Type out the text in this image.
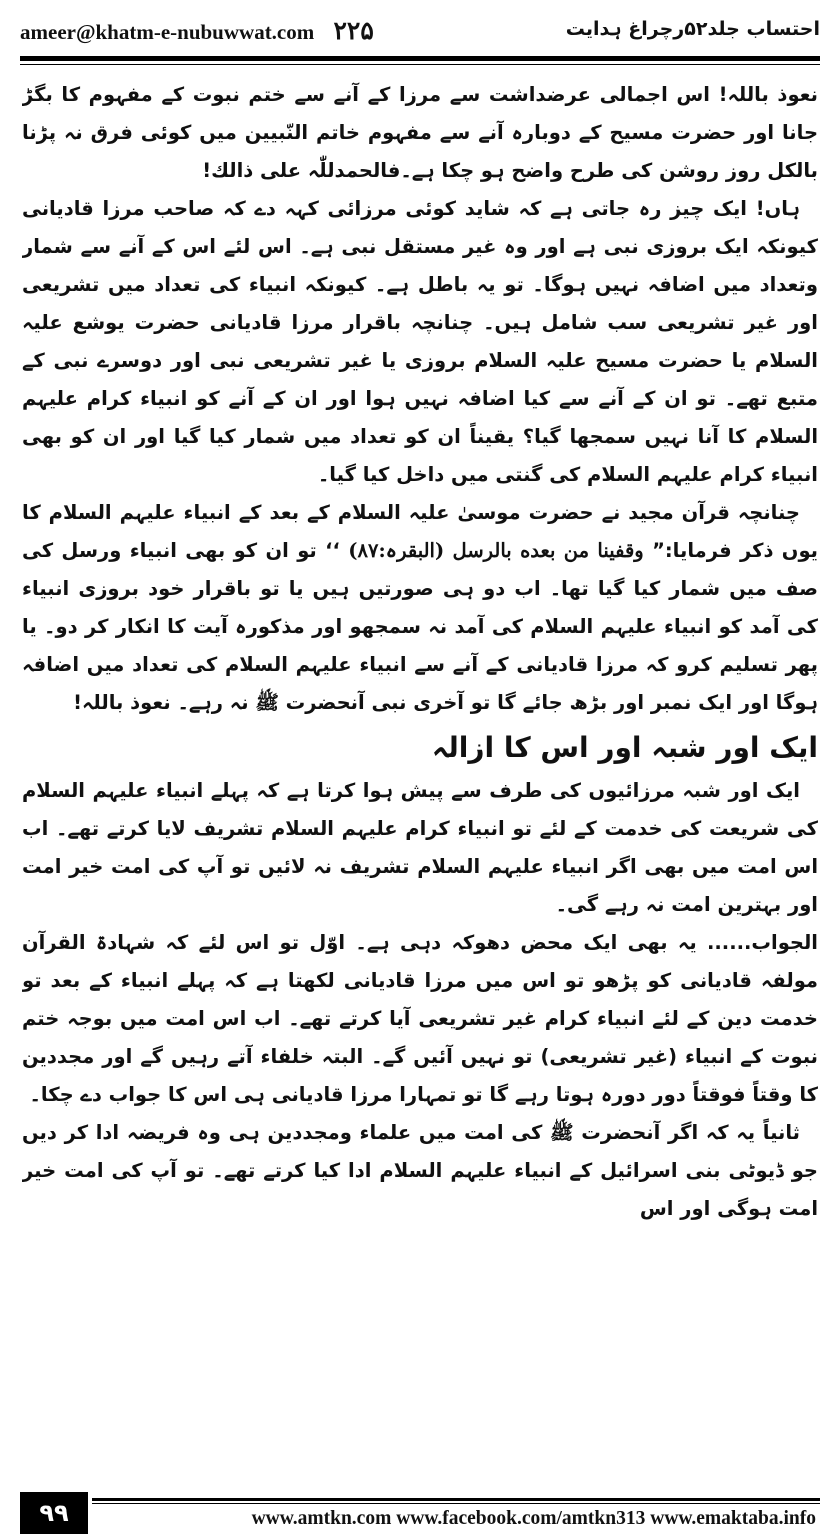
ameer@khatm-e-nubuwwat.com ۲۲۵	احتساب جلد۵۲رچراغ ہدایت

نعوذ باللہ! اس اجمالی عرضداشت سے مرزا کے آنے سے ختم نبوت کے مفہوم کا بگڑ جانا اور حضرت مسیح کے دوبارہ آنے سے مفہوم خاتم النّبیین میں کوئی فرق نہ پڑنا بالکل روز روشن کی طرح واضح ہو چکا ہے۔فالحمدللّٰہ علی ذالك!

ہاں! ایک چیز رہ جاتی ہے کہ شاید کوئی مرزائی کہہ دے کہ صاحب مرزا قادیانی کیونکہ ایک بروزی نبی ہے اور وہ غیر مستقل نبی ہے۔ اس لئے اس کے آنے سے شمار وتعداد میں اضافہ نہیں ہوگا۔ تو یہ باطل ہے۔ کیونکہ انبیاء کی تعداد میں تشریعی اور غیر تشریعی سب شامل ہیں۔ چنانچہ باقرار مرزا قادیانی حضرت یوشع علیہ السلام یا حضرت مسیح علیہ السلام بروزی یا غیر تشریعی نبی اور دوسرے نبی کے متبع تھے۔ تو ان کے آنے سے کیا اضافہ نہیں ہوا اور ان کے آنے کو انبیاء کرام علیہم السلام کا آنا نہیں سمجھا گیا؟ یقیناً ان کو تعداد میں شمار کیا گیا اور ان کو بھی انبیاء کرام علیہم السلام کی گنتی میں داخل کیا گیا۔

چنانچہ قرآن مجید نے حضرت موسیٰ علیہ السلام کے بعد کے انبیاء علیہم السلام کا یوں ذکر فرمایا:” وقفینا من بعده بالرسل (البقرہ:۸۷) ‘‘ تو ان کو بھی انبیاء ورسل کی صف میں شمار کیا گیا تھا۔ اب دو ہی صورتیں ہیں یا تو باقرار خود بروزی انبیاء کی آمد کو انبیاء علیہم السلام کی آمد نہ سمجھو اور مذکورہ آیت کا انکار کر دو۔ یا پھر تسلیم کرو کہ مرزا قادیانی کے آنے سے انبیاء علیہم السلام کی تعداد میں اضافہ ہوگا اور ایک نمبر اور بڑھ جائے گا تو آخری نبی آنحضرت ﷺ نہ رہے۔ نعوذ باللہ!

ایک اور شبہ اور اس کا ازالہ

ایک اور شبہ مرزائیوں کی طرف سے پیش ہوا کرتا ہے کہ پہلے انبیاء علیہم السلام کی شریعت کی خدمت کے لئے تو انبیاء کرام علیہم السلام تشریف لایا کرتے تھے۔ اب اس امت میں بھی اگر انبیاء علیہم السلام تشریف نہ لائیں تو آپ کی امت خیر امت اور بہترین امت نہ رہے گی۔

الجواب...... یہ بھی ایک محض دھوکہ دہی ہے۔ اوّل تو اس لئے کہ شہادۃ القرآن مولفہ قادیانی کو پڑھو تو اس میں مرزا قادیانی لکھتا ہے کہ پہلے انبیاء کے بعد تو خدمت دین کے لئے انبیاء کرام غیر تشریعی آیا کرتے تھے۔ اب اس امت میں بوجہ ختم نبوت کے انبیاء (غیر تشریعی) تو نہیں آئیں گے۔ البتہ خلفاء آتے رہیں گے اور مجددین کا وقتاً فوقتاً دور دورہ ہوتا رہے گا تو تمہارا مرزا قادیانی ہی اس کا جواب دے چکا۔

ثانیاً یہ کہ اگر آنحضرت ﷺ کی امت میں علماء ومجددین ہی وہ فریضہ ادا کر دیں جو ڈیوٹی بنی اسرائیل کے انبیاء علیہم السلام ادا کیا کرتے تھے۔ تو آپ کی امت خیر امت ہوگی اور اس

۹۹	www.amtkn.com www.facebook.com/amtkn313 www.emaktaba.info
